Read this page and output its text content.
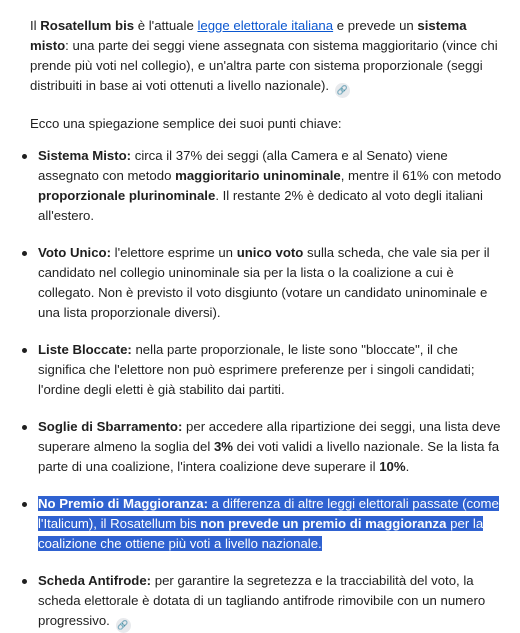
Il Rosatellum bis è l'attuale legge elettorale italiana e prevede un sistema misto: una parte dei seggi viene assegnata con sistema maggioritario (vince chi prende più voti nel collegio), e un'altra parte con sistema proporzionale (seggi distribuiti in base ai voti ottenuti a livello nazionale). 🔗

Ecco una spiegazione semplice dei suoi punti chiave:

Sistema Misto: circa il 37% dei seggi (alla Camera e al Senato) viene assegnato con metodo maggioritario uninominale, mentre il 61% con metodo proporzionale plurinominale. Il restante 2% è dedicato al voto degli italiani all'estero.
Voto Unico: l'elettore esprime un unico voto sulla scheda, che vale sia per il candidato nel collegio uninominale sia per la lista o la coalizione a cui è collegato. Non è previsto il voto disgiunto (votare un candidato uninominale e una lista proporzionale diversi).
Liste Bloccate: nella parte proporzionale, le liste sono "bloccate", il che significa che l'elettore non può esprimere preferenze per i singoli candidati; l'ordine degli eletti è già stabilito dai partiti.
Soglie di Sbarramento: per accedere alla ripartizione dei seggi, una lista deve superare almeno la soglia del 3% dei voti validi a livello nazionale. Se la lista fa parte di una coalizione, l'intera coalizione deve superare il 10%.
No Premio di Maggioranza: a differenza di altre leggi elettorali passate (come l'Italicum), il Rosatellum bis non prevede un premio di maggioranza per la coalizione che ottiene più voti a livello nazionale.
Scheda Antifrode: per garantire la segretezza e la tracciabilità del voto, la scheda elettorale è dotata di un tagliando antifrode rimovibile con un numero progressivo. 🔗
